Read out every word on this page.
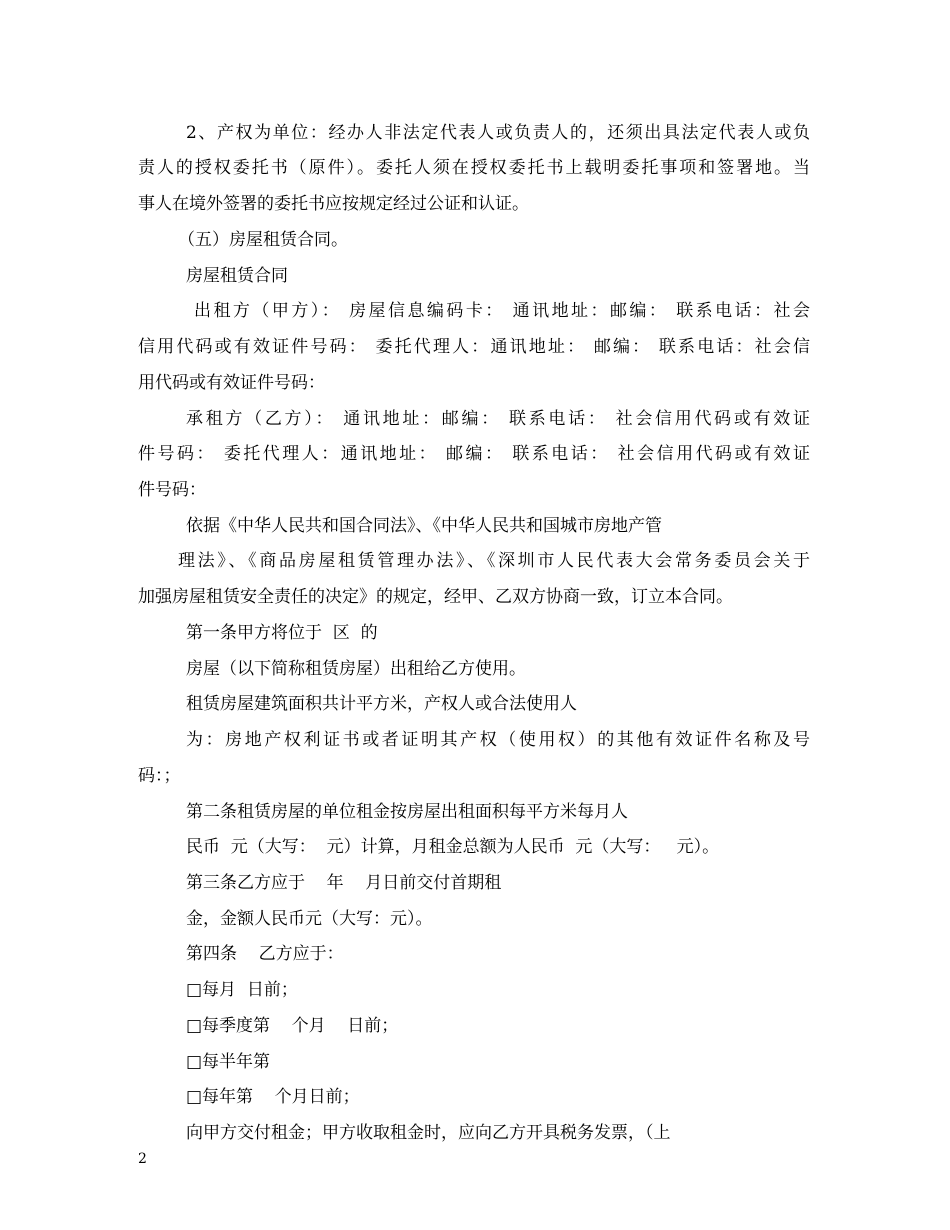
2、产权为单位：经办人非法定代表人或负责人的，还须出具法定代表人或负
责人的授权委托书（原件）。委托人须在授权委托书上载明委托事项和签署地。当
事人在境外签署的委托书应按规定经过公证和认证。
（五）房屋租赁合同。
房屋租赁合同
出租方（甲方）： 房屋信息编码卡： 通讯地址：邮编： 联系电话：社会
信用代码或有效证件号码： 委托代理人：通讯地址： 邮编： 联系电话：社会信
用代码或有效证件号码：
承租方（乙方）： 通讯地址：邮编： 联系电话： 社会信用代码或有效证
件号码： 委托代理人：通讯地址： 邮编： 联系电话： 社会信用代码或有效证
件号码：
依据《中华人民共和国合同法》、《中华人民共和国城市房地产管
理法》、《商品房屋租赁管理办法》、《深圳市人民代表大会常务委员会关于
加强房屋租赁安全责任的决定》的规定，经甲、乙双方协商一致，订立本合同。
第一条甲方将位于  区  的
房屋（以下简称租赁房屋）出租给乙方使用。
租赁房屋建筑面积共计平方米，产权人或合法使用人
为：房地产权利证书或者证明其产权（使用权）的其他有效证件名称及号
码：；
第二条租赁房屋的单位租金按房屋出租面积每平方米每月人
民币  元（大写：  元）计算，月租金总额为人民币  元（大写：   元）。
第三条乙方应于    年    月日前交付首期租
金，金额人民币元（大写：元）。
第四条    乙方应于：
□每月  日前；
□每季度第    个月    日前；
□每半年第
□每年第    个月日前；
向甲方交付租金；甲方收取租金时，应向乙方开具税务发票，（上
2
